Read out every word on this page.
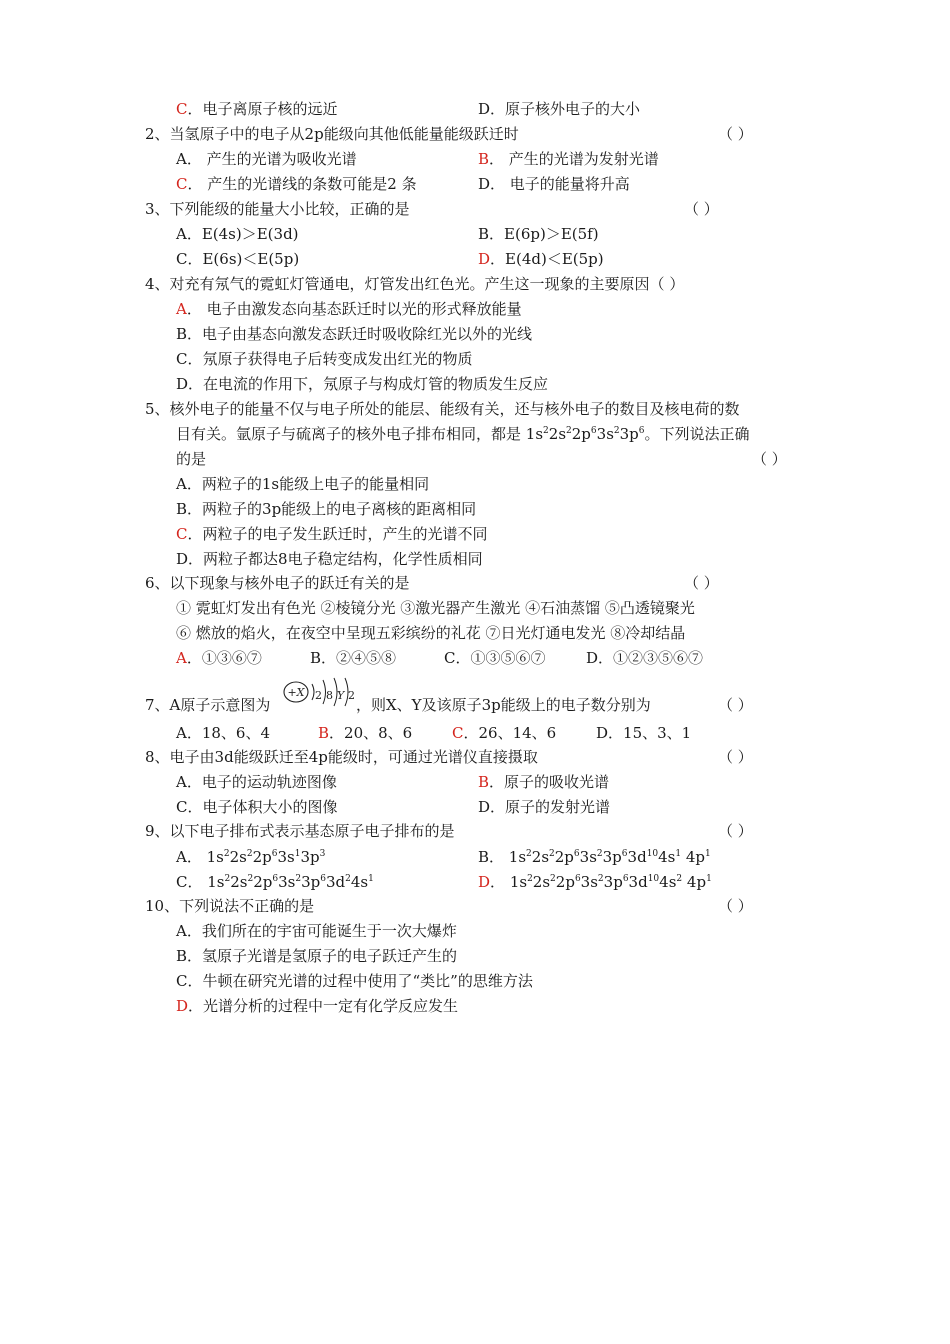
C．电子离原子核的远近	D．原子核外电子的大小
2、当氢原子中的电子从2p能级向其他低能量能级跃迁时	（ ）
A． 产生的光谱为吸收光谱	B． 产生的光谱为发射光谱
C． 产生的光谱线的条数可能是2 条	D． 电子的能量将升高
3、下列能级的能量大小比较，正确的是	（ ）
A．E(4s)＞E(3d)	B．E(6p)＞E(5f)
C．E(6s)＜E(5p)	D．E(4d)＜E(5p)
4、对充有氖气的霓虹灯管通电，灯管发出红色光。产生这一现象的主要原因（ ）
A． 电子由激发态向基态跃迁时以光的形式释放能量
B．电子由基态向激发态跃迁时吸收除红光以外的光线
C．氖原子获得电子后转变成发出红光的物质
D．在电流的作用下，氖原子与构成灯管的物质发生反应
5、核外电子的能量不仅与电子所处的能层、能级有关，还与核外电子的数目及核电荷的数
目有关。氩原子与硫离子的核外电子排布相同，都是 $1s^22s^22p^63s^23p^6$。下列说法正确
的是	（ ）
A．两粒子的1s能级上电子的能量相同
B．两粒子的3p能级上的电子离核的距离相同
C．两粒子的电子发生跃迁时，产生的光谱不同
D．两粒子都达8电子稳定结构，化学性质相同
6、以下现象与核外电子的跃迁有关的是	（ ）
① 霓虹灯发出有色光 ②棱镜分光 ③激光器产生激光 ④石油蒸馏 ⑤凸透镜聚光
⑥ 燃放的焰火，在夜空中呈现五彩缤纷的礼花 ⑦日光灯通电发光 ⑧冷却结晶
A．①③⑥⑦	B．②④⑤⑧	C．①③⑤⑥⑦	D．①②③⑤⑥⑦
7、A原子示意图为
+X 2 8 Y 2
，则X、Y及该原子3p能级上的电子数分别为	（ ）
A．18、6、4	B．20、8、6	C．26、14、6	D．15、3、1
8、电子由3d能级跃迁至4p能级时，可通过光谱仪直接摄取	（ ）
A．电子的运动轨迹图像	B．原子的吸收光谱
C．电子体积大小的图像	D．原子的发射光谱
9、以下电子排布式表示基态原子电子排布的是	（ ）
A． $1s^22s^22p^63s^13p^3$	B． $1s^22s^22p^63s^23p^63d^{10}4s^1$ $4p^1$
C． $1s^22s^22p^63s^23p^63d^24s^1$	D． $1s^22s^22p^63s^23p^63d^{10}4s^2$ $4p^1$
10、下列说法不正确的是	（ ）
A．我们所在的宇宙可能诞生于一次大爆炸
B．氢原子光谱是氢原子的电子跃迁产生的
C．牛顿在研究光谱的过程中使用了“类比”的思维方法
D．光谱分析的过程中一定有化学反应发生
